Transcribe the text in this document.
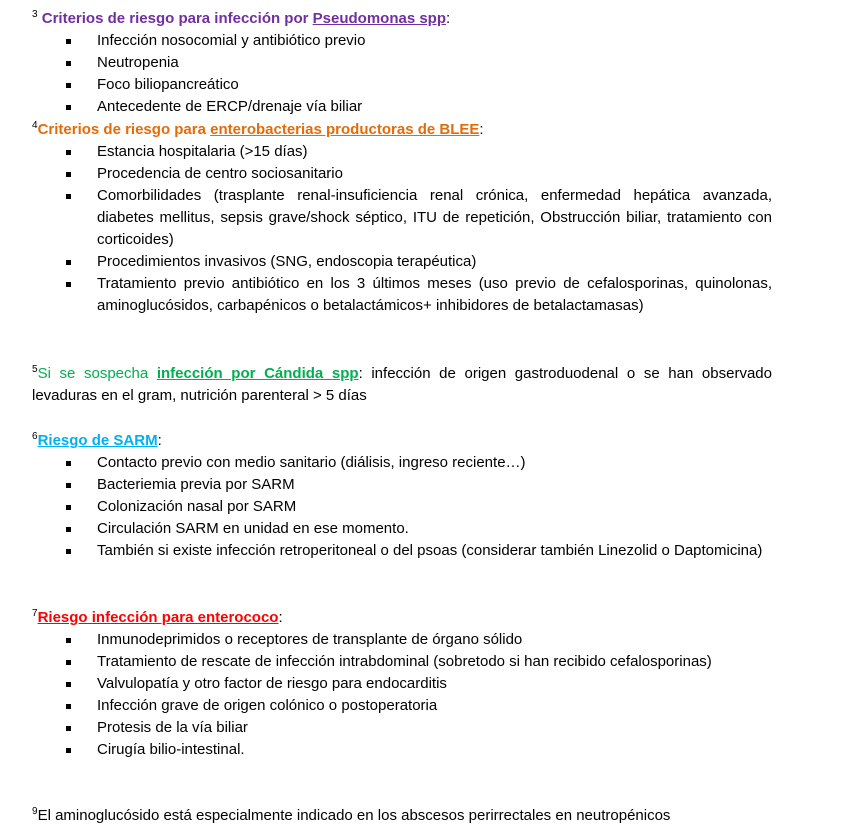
$^3$ Criterios de riesgo para infección por Pseudomonas spp:
Infección nosocomial y antibiótico previo
Neutropenia
Foco biliopancreático
Antecedente de ERCP/drenaje vía biliar
$^4$Criterios de riesgo para enterobacterias productoras de BLEE:
Estancia hospitalaria (>15 días)
Procedencia de centro sociosanitario
Comorbilidades (trasplante renal-insuficiencia renal crónica, enfermedad hepática avanzada, diabetes mellitus, sepsis grave/shock séptico, ITU de repetición, Obstrucción biliar, tratamiento con corticoides)
Procedimientos invasivos (SNG, endoscopia terapéutica)
Tratamiento previo antibiótico en los 3 últimos meses (uso previo de cefalosporinas, quinolonas, aminoglucósidos, carbapénicos o betalactámicos+ inhibidores de betalactamasas)
$^5$Si se sospecha infección por Cándida spp: infección de origen gastroduodenal o se han observado levaduras en el gram, nutrición parenteral > 5 días
$^6$Riesgo de SARM:
Contacto previo con medio sanitario (diálisis, ingreso reciente…)
Bacteriemia previa por SARM
Colonización nasal por SARM
Circulación SARM en unidad en ese momento.
También si existe infección retroperitoneal o del psoas (considerar también Linezolid o Daptomicina)
$^7$Riesgo infección para enterococo:
Inmunodeprimidos o receptores de transplante de órgano sólido
Tratamiento de rescate de infección intrabdominal (sobretodo si han recibido cefalosporinas)
Valvulopatía y otro factor de riesgo para endocarditis
Infección grave de origen colónico o postoperatoria
Protesis de la vía biliar
Cirugía bilio-intestinal.
$^9$El aminoglucósido está especialmente indicado en los abscesos perirrectales en neutropénicos
